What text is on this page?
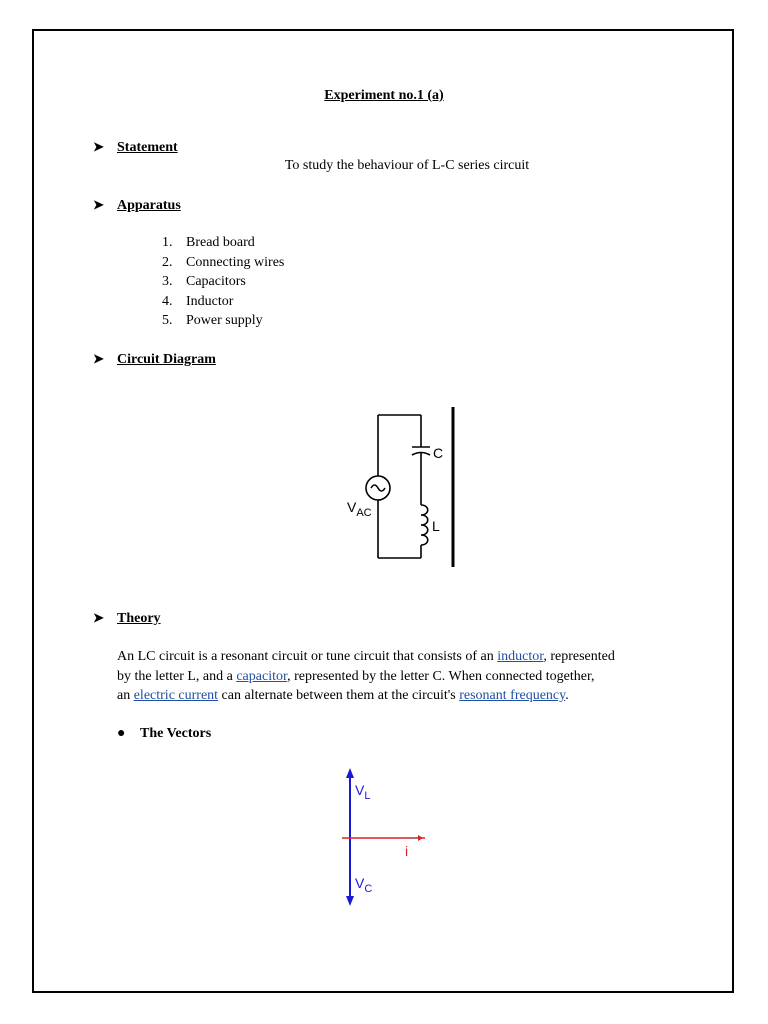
Experiment no.1 (a)
➤ Statement
To study the behaviour of L-C series circuit
➤ Apparatus
1. Bread board
2. Connecting wires
3. Capacitors
4. Inductor
5. Power supply
➤ Circuit Diagram
$V_{AC}$
C
L
➤ Theory

An LC circuit is a resonant circuit or tune circuit that consists of an inductor, represented

by the letter L, and a capacitor, represented by the letter C. When connected together,

an electric current can alternate between them at the circuit's resonant frequency.

● The Vectors
$V_L$
$V_C$
i
